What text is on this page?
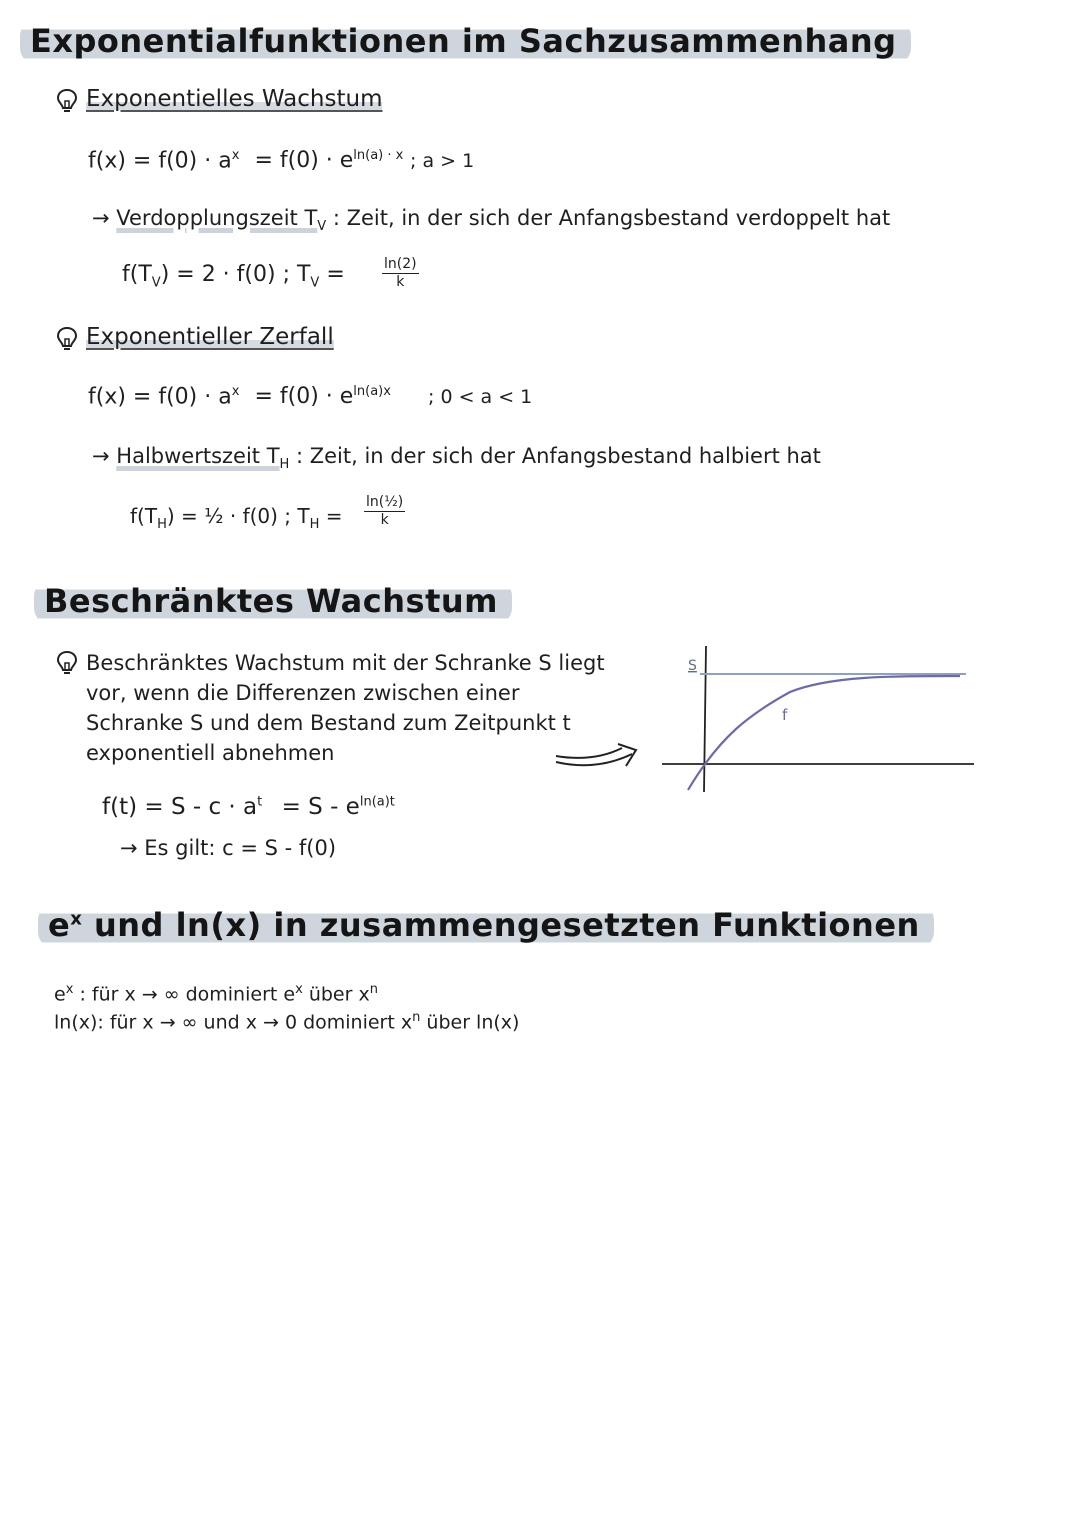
Exponentialfunktionen im Sachzusammenhang
Exponentielles Wachstum
$f(x) = f(0) \cdot a^x = f(0) \cdot e^{ln(a) \cdot x}$ ; a > 1
→ Verdopplungszeit $T_V$ : Zeit, in der sich der Anfangsbestand verdoppelt hat
$f(T_V) = 2 \cdot f(0)$ ; $T_V$ =	ln(2)
k
Exponentieller Zerfall
$f(x) = f(0) \cdot a^x = f(0) \cdot e^{ln(a)x}$ ; 0 < a < 1
→ Halbwertszeit $T_H$ : Zeit, in der sich der Anfangsbestand halbiert hat
$f(T_H)$ = ½ · f(0) ; $T_H$ =
ln(½)
k
Beschränktes Wachstum
Beschränktes Wachstum mit der Schranke S liegt vor, wenn die Differenzen zwischen einer Schranke S und dem Bestand zum Zeitpunkt t exponentiell abnehmen
S
f
$f(t) = S - c \cdot a^t = S - e^{ln(a)t}$
→ Es gilt: c = S - f(0)
$e^x$ und ln(x) in zusammengesetzten Funktionen
$e^x$ : für x → ∞ dominiert $e^x$ über $x^n$
ln(x): für x → ∞ und x → 0 dominiert $x^n$ über ln(x)
